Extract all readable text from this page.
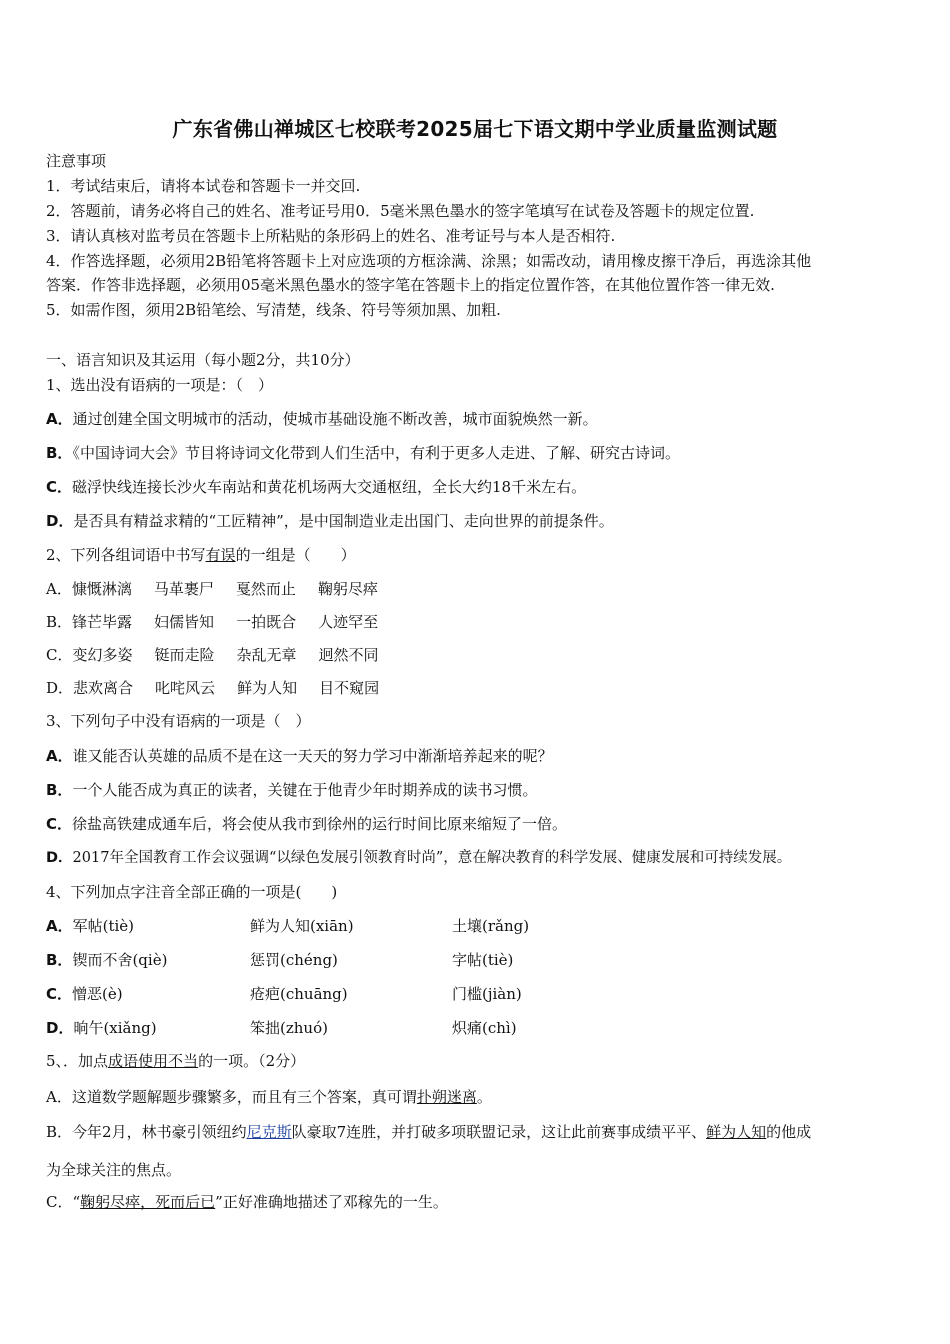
广东省佛山禅城区七校联考2025届七下语文期中学业质量监测试题
注意事项
1．考试结束后，请将本试卷和答题卡一并交回.
2．答题前，请务必将自己的姓名、准考证号用0．5毫米黑色墨水的签字笔填写在试卷及答题卡的规定位置.
3．请认真核对监考员在答题卡上所粘贴的条形码上的姓名、准考证号与本人是否相符.
4．作答选择题，必须用2B铅笔将答题卡上对应选项的方框涂满、涂黑；如需改动，请用橡皮擦干净后，再选涂其他
答案．作答非选择题，必须用05毫米黑色墨水的签字笔在答题卡上的指定位置作答，在其他位置作答一律无效.
5．如需作图，须用2B铅笔绘、写清楚，线条、符号等须加黑、加粗.
一、语言知识及其运用（每小题2分，共10分）
1、选出没有语病的一项是：（　）
A．通过创建全国文明城市的活动，使城市基础设施不断改善，城市面貌焕然一新。
B．《中国诗词大会》节目将诗词文化带到人们生活中，有利于更多人走进、了解、研究古诗词。
C．磁浮快线连接长沙火车南站和黄花机场两大交通枢纽，全长大约18千米左右。
D．是否具有精益求精的“工匠精神”，是中国制造业走出国门、走向世界的前提条件。
2、下列各组词语中书写有误的一组是（　　）
A．慷慨淋漓 马革裹尸 戛然而止 鞠躬尽瘁
B．锋芒毕露 妇儒皆知 一拍既合 人迹罕至
C．变幻多姿 铤而走险 杂乱无章 迥然不同
D．悲欢离合 叱咤风云 鲜为人知 目不窥园
3、下列句子中没有语病的一项是（　）
A．谁又能否认英雄的品质不是在这一天天的努力学习中渐渐培养起来的呢？
B．一个人能否成为真正的读者，关键在于他青少年时期养成的读书习惯。
C．徐盐高铁建成通车后，将会使从我市到徐州的运行时间比原来缩短了一倍。
D．2017年全国教育工作会议强调“以绿色发展引领教育时尚”，意在解决教育的科学发展、健康发展和可持续发展。
4、下列加点字注音全部正确的一项是(　　)
A．军帖(tiè)	鲜为人知(xiān)	土壤(rǎng)
B．锲而不舍(qiè)	惩罚(chéng)	字帖(tiè)
C．憎恶(è)	疮疤(chuāng)	门槛(jiàn)
D．晌午(xiǎng)	笨拙(zhuó)	炽痛(chì)
5、．加点成语使用不当的一项。（2分）
A．这道数学题解题步骤繁多，而且有三个答案，真可谓扑朔迷离。
B．今年2月，林书豪引领纽约尼克斯队豪取7连胜，并打破多项联盟记录，这让此前赛事成绩平平、鲜为人知的他成
为全球关注的焦点。
C．“鞠躬尽瘁，死而后已”正好准确地描述了邓稼先的一生。
